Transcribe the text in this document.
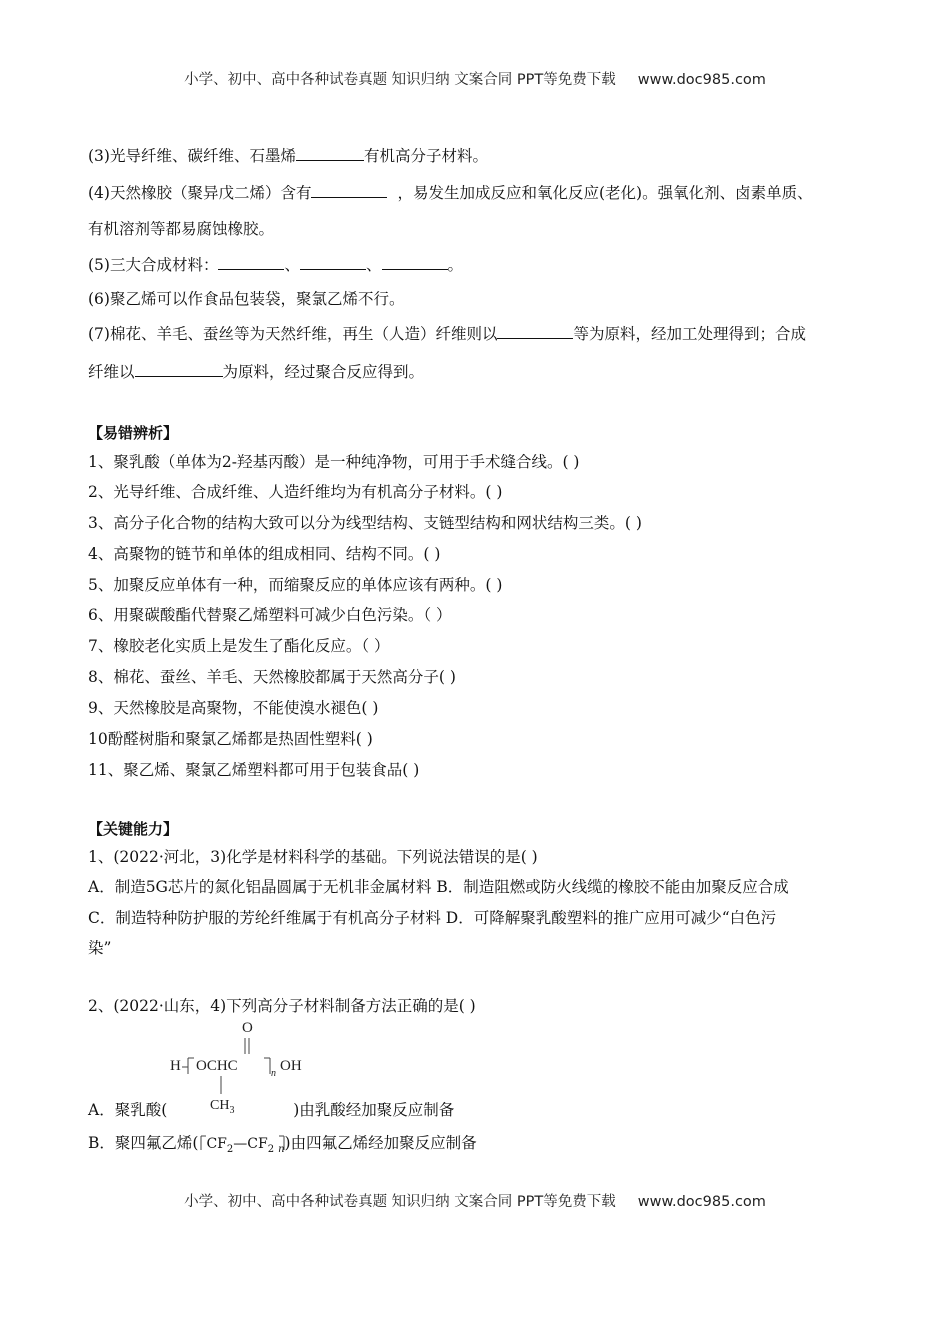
小学、初中、高中各种试卷真题 知识归纳 文案合同 PPT等免费下载 www.doc985.com
(3)光导纤维、碳纤维、石墨烯	有机高分子材料。
(4)天然橡胶（聚异戊二烯）含有	，易发生加成反应和氧化反应(老化)。强氧化剂、卤素单质、
有机溶剂等都易腐蚀橡胶。
(5)三大合成材料：	、	、	。
(6)聚乙烯可以作食品包装袋，聚氯乙烯不行。
(7)棉花、羊毛、蚕丝等为天然纤维，再生（人造）纤维则以	等为原料，经加工处理得到；合成
纤维以	为原料，经过聚合反应得到。
【易错辨析】
1、聚乳酸（单体为2-羟基丙酸）是一种纯净物，可用于手术缝合线。( )
2、光导纤维、合成纤维、人造纤维均为有机高分子材料。( )
3、高分子化合物的结构大致可以分为线型结构、支链型结构和网状结构三类。( )
4、高聚物的链节和单体的组成相同、结构不同。( )
5、加聚反应单体有一种，而缩聚反应的单体应该有两种。( )
6、用聚碳酸酯代替聚乙烯塑料可减少白色污染。（ ）
7、橡胶老化实质上是发生了酯化反应。（ ）
8、棉花、蚕丝、羊毛、天然橡胶都属于天然高分子( )
9、天然橡胶是高聚物，不能使溴水褪色( )
10酚醛树脂和聚氯乙烯都是热固性塑料( )
11、聚乙烯、聚氯乙烯塑料都可用于包装食品( )
【关键能力】
1、(2022·河北，3)化学是材料科学的基础。下列说法错误的是( )
A．制造5G芯片的氮化铝晶圆属于无机非金属材料 B．制造阻燃或防火线缆的橡胶不能由加聚反应合成
C．制造特种防护服的芳纶纤维属于有机高分子材料 D．可降解聚乳酸塑料的推广应用可减少“白色污
染”
2、(2022·山东，4)下列高分子材料制备方法正确的是( )
O
H OCHC	n OH
$CH_3$
A．聚乳酸(	)由乳酸经加聚反应制备
B．聚四氟乙烯( $CF_2—CF_2$ $_n$)由四氟乙烯经加聚反应制备
小学、初中、高中各种试卷真题 知识归纳 文案合同 PPT等免费下载 www.doc985.com
